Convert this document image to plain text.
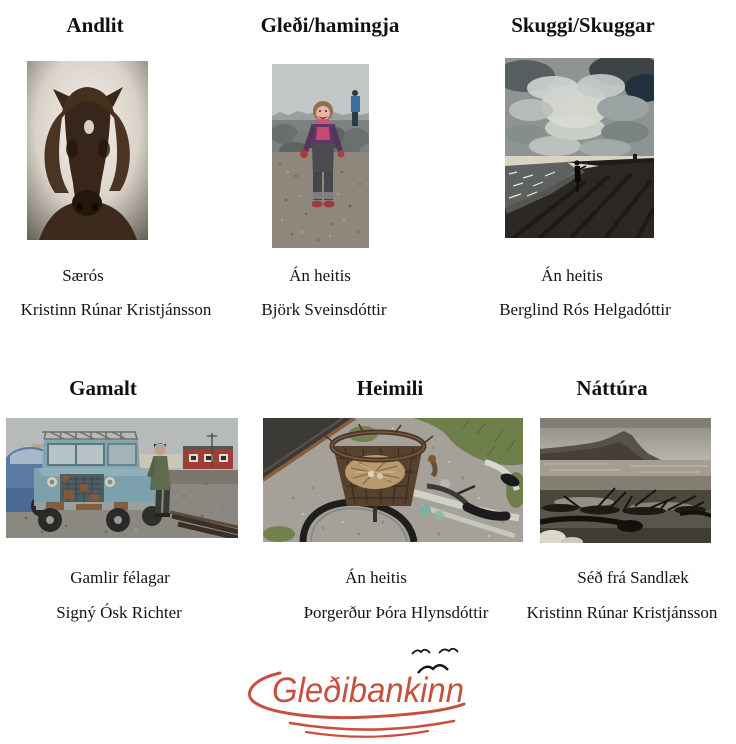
Andlit	Gleði/hamingja	Skuggi/Skuggar
Særós	Án heitis	Án heitis
Kristinn Rúnar Kristjánsson	Björk Sveinsdóttir	Berglind Rós Helgadóttir
Gamalt	Heimili	Náttúra
Gamlir félagar	Án heitis	Séð frá Sandlæk
Signý Ósk Richter	Þorgerður Þóra Hlynsdóttir	Kristinn Rúnar Kristjánsson
Gleðibankinn
